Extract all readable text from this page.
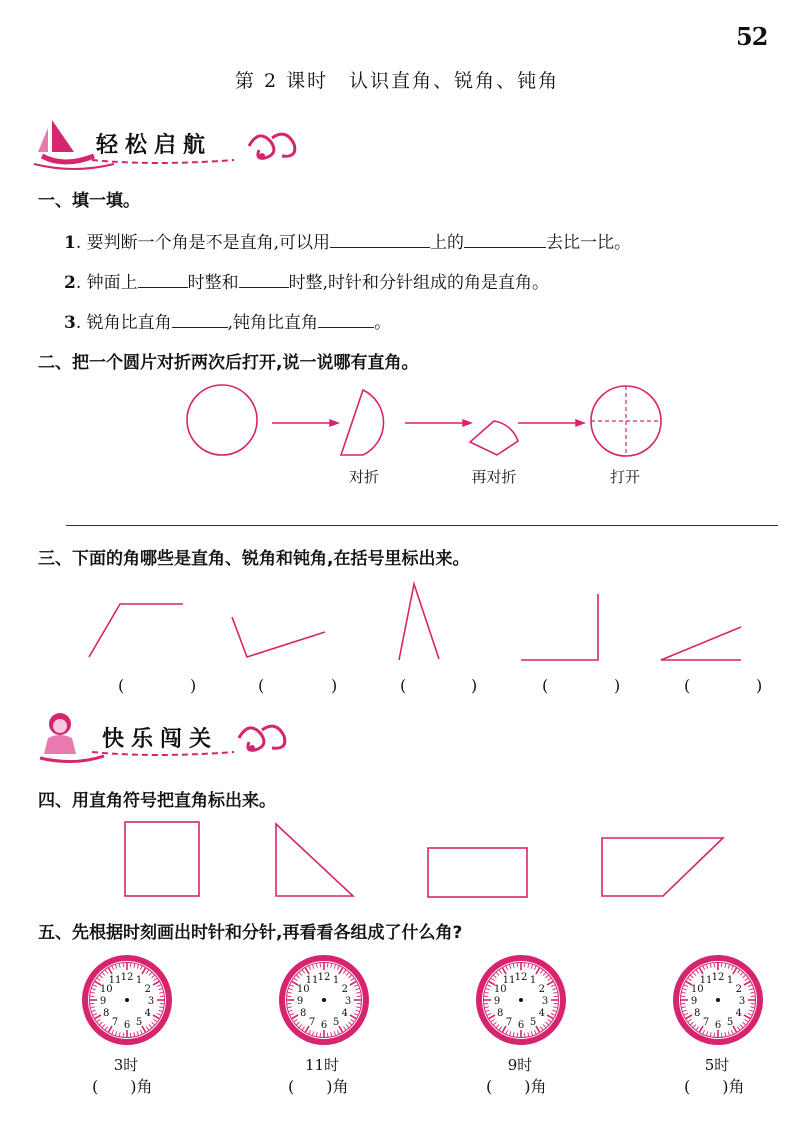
52
第 2 课时　认识直角、锐角、钝角
轻松启航
一、填一填。
1. 要判断一个角是不是直角,可以用	上的	去比一比。
2. 钟面上	时整和	时整,时针和分针组成的角是直角。
3. 锐角比直角	,钝角比直角	。
二、把一个圆片对折两次后打开,说一说哪有直角。
对折	再对折	打开
三、下面的角哪些是直角、锐角和钝角,在括号里标出来。
(	)	(	)	(	)	(	)	(	)
快乐闯关
四、用直角符号把直角标出来。
五、先根据时刻画出时针和分针,再看看各组成了什么角?
1
2
3
4
5
6
7
8
9
10
11 12	1
2
3
4
5
6
7
8
9
10
11 12	1
2
3
4
5
6
7
8
9
10
11 12	1
2
3
4
5
6
7
8
9
10
11 12
3时	11时	9时	5时
(　　)角	(　　)角	(　　)角	(　　)角
